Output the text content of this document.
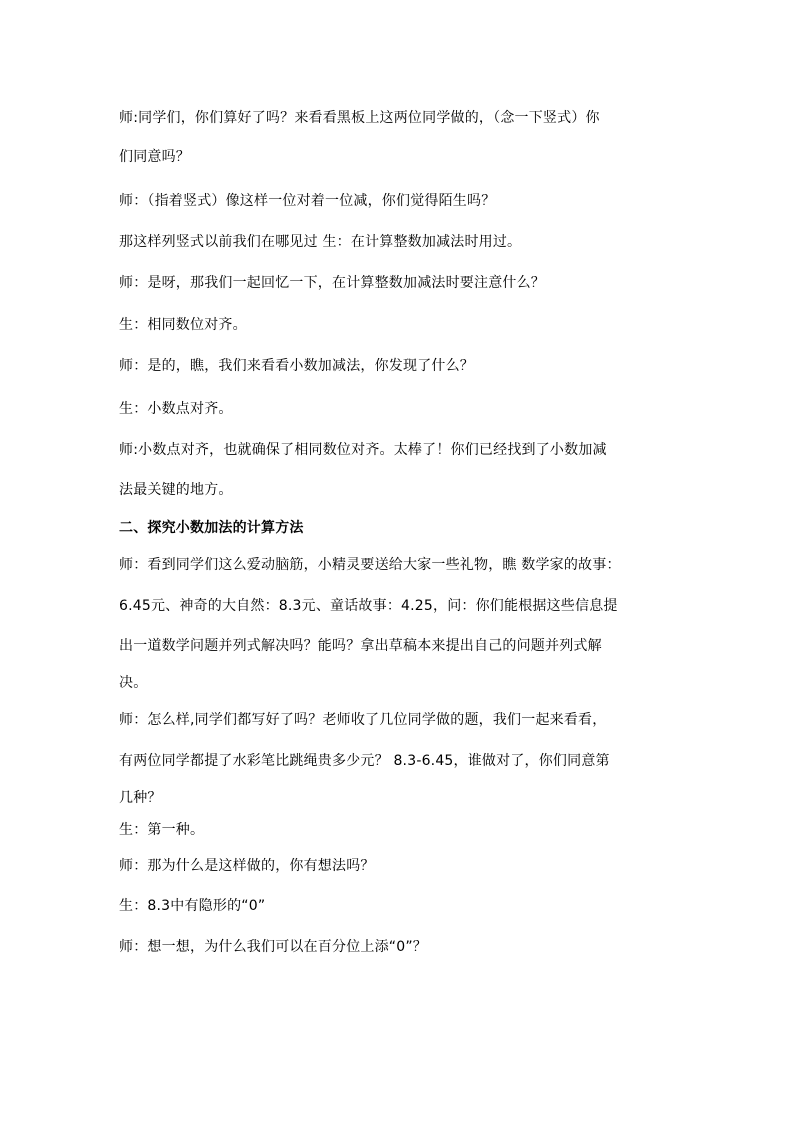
师:同学们，你们算好了吗？来看看黑板上这两位同学做的，（念一下竖式）你
们同意吗？
师：（指着竖式）像这样一位对着一位减，你们觉得陌生吗？
那这样列竖式以前我们在哪见过 生：在计算整数加减法时用过。
师：是呀，那我们一起回忆一下，在计算整数加减法时要注意什么？
生：相同数位对齐。
师：是的，瞧，我们来看看小数加减法，你发现了什么？
生：小数点对齐。
师:小数点对齐，也就确保了相同数位对齐。太棒了！你们已经找到了小数加减
法最关键的地方。
二、探究小数加法的计算方法
师：看到同学们这么爱动脑筋，小精灵要送给大家一些礼物，瞧 数学家的故事：
6.45元、神奇的大自然：8.3元、童话故事：4.25，问：你们能根据这些信息提
出一道数学问题并列式解决吗？能吗？拿出草稿本来提出自己的问题并列式解
决。
师：怎么样,同学们都写好了吗？老师收了几位同学做的题，我们一起来看看，
有两位同学都提了水彩笔比跳绳贵多少元？ 8.3-6.45，谁做对了，你们同意第
几种？
生：第一种。
师：那为什么是这样做的，你有想法吗？
生：8.3中有隐形的“0”
师：想一想，为什么我们可以在百分位上添“0”？
